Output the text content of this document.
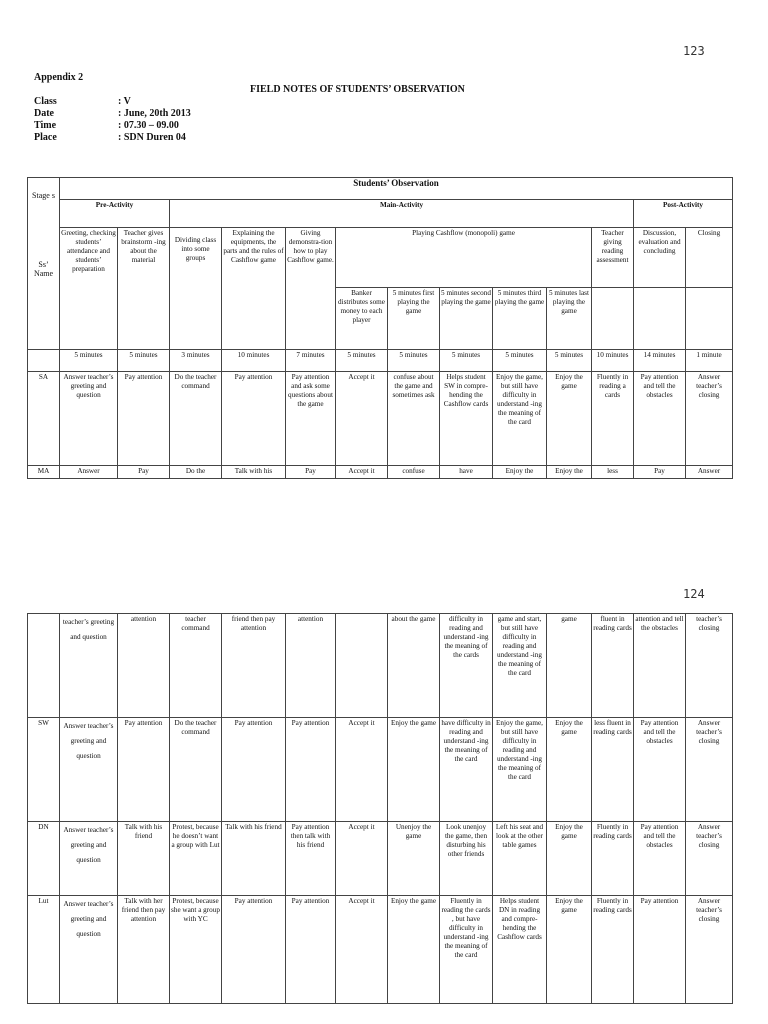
123
Appendix 2
FIELD NOTES OF STUDENTS’ OBSERVATION
Class	: V
Date	: June, 20th 2013
Time	: 07.30 – 09.00
Place	: SDN Duren 04
Stage s
Ss’ Name	Students’ Observation												
	Pre-Activity		Main-Activity									Post-Activity	
	Greeting, checking students’ attendance and students’ preparation	Teacher gives brainstorm -ing about the material	Dividing class into some groups	Explaining the equipments, the parts and the rules of Cashflow game	Giving demonstra-tion how to play Cashflow game.	Playing Cashflow (monopoli) game					Teacher giving reading assessment	Discussion, evaluation and concluding	Closing
						Banker distributes some money to each player	5 minutes first playing the game	5 minutes second playing the game	5 minutes third playing the game	5 minutes last playing the game			
	5 minutes	5 minutes	3 minutes	10 minutes	7 minutes	5 minutes	5 minutes	5 minutes	5 minutes	5 minutes	10 minutes	14 minutes	1 minute
SA	Answer teacher’s greeting and question	Pay attention	Do the teacher command	Pay attention	Pay attention and ask some questions about the game	Accept it	confuse about the game and sometimes ask	Helps student SW in compre-hending the Cashflow cards	Enjoy the game, but still have difficulty in understand -ing the meaning of the card	Enjoy the game	Fluently in reading a cards	Pay attention and tell the obstacles	Answer teacher’s closing
MA	Answer	Pay	Do the	Talk with his	Pay	Accept it	confuse	have	Enjoy the	Enjoy the	less	Pay	Answer
124
	teacher’s greeting and question	attention	teacher command	friend then pay attention	attention		about the game	difficulty in reading and understand -ing the meaning of the cards	game and start, but still have difficulty in reading and understand -ing the meaning of the card	game	fluent in reading cards	attention and tell the obstacles	teacher’s closing
SW	Answer teacher’s greeting and question	Pay attention	Do the teacher command	Pay attention	Pay attention	Accept it	Enjoy the game	have difficulty in reading and understand -ing the meaning of the card	Enjoy the game, but still have difficulty in reading and understand -ing the meaning of the card	Enjoy the game	less fluent in reading cards	Pay attention and tell the obstacles	Answer teacher’s closing
DN	Answer teacher’s greeting and question	Talk with his friend	Protest, because he doesn’t want a group with Lut	Talk with his friend	Pay attention then talk with his friend	Accept it	Unenjoy the game	Look unenjoy the game, then disturbing his other friends	Left his seat and look at the other table games	Enjoy the game	Fluently in reading cards	Pay attention and tell the obstacles	Answer teacher’s closing
Lut	Answer teacher’s greeting and question	Talk with her friend then pay attention	Protest, because she want a group with YC	Pay attention	Pay attention	Accept it	Enjoy the game	Fluently in reading the cards , but have difficulty in understand -ing the meaning of the card	Helps student DN in reading and compre-hending the Cashflow cards	Enjoy the game	Fluently in reading cards	Pay attention	Answer teacher’s closing
